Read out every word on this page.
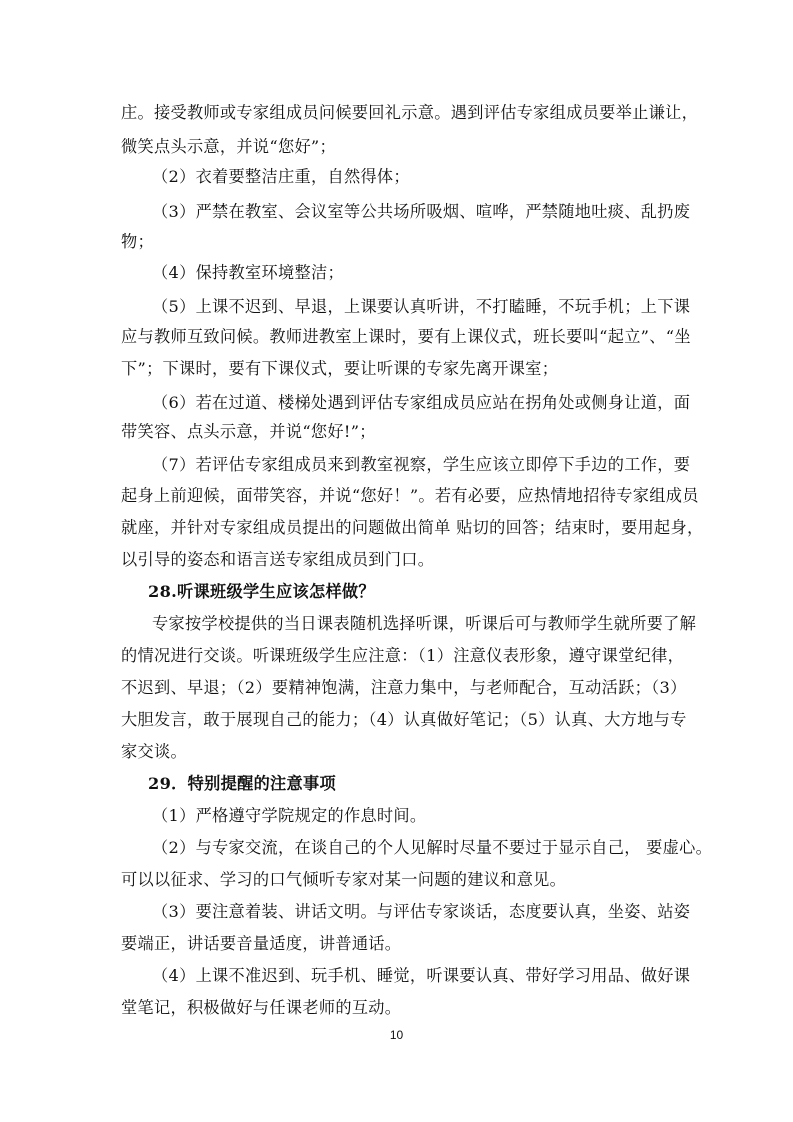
庄。接受教师或专家组成员问候要回礼示意。遇到评估专家组成员要举止谦让，
微笑点头示意，并说“您好”；
（2）衣着要整洁庄重，自然得体；
（3）严禁在教室、会议室等公共场所吸烟、喧哗，严禁随地吐痰、乱扔废
物；
（4）保持教室环境整洁；
（5）上课不迟到、早退，上课要认真听讲，不打瞌睡，不玩手机；上下课
应与教师互致问候。教师进教室上课时，要有上课仪式，班长要叫“起立”、“坐
下”；下课时，要有下课仪式，要让听课的专家先离开课室；
（6）若在过道、楼梯处遇到评估专家组成员应站在拐角处或侧身让道，面
带笑容、点头示意，并说“您好!”；
（7）若评估专家组成员来到教室视察，学生应该立即停下手边的工作，要
起身上前迎候，面带笑容，并说“您好！”。若有必要，应热情地招待专家组成员
就座，并针对专家组成员提出的问题做出简单 贴切的回答；结束时，要用起身，
以引导的姿态和语言送专家组成员到门口。
28.听课班级学生应该怎样做？
专家按学校提供的当日课表随机选择听课，听课后可与教师学生就所要了解
的情况进行交谈。听课班级学生应注意：（1）注意仪表形象，遵守课堂纪律，
不迟到、早退；（2）要精神饱满，注意力集中，与老师配合，互动活跃；（3）
大胆发言，敢于展现自己的能力；（4）认真做好笔记；（5）认真、大方地与专
家交谈。
29．特别提醒的注意事项
（1）严格遵守学院规定的作息时间。
（2）与专家交流，在谈自己的个人见解时尽量不要过于显示自己， 要虚心。
可以以征求、学习的口气倾听专家对某一问题的建议和意见。
（3）要注意着装、讲话文明。与评估专家谈话，态度要认真，坐姿、站姿
要端正，讲话要音量适度，讲普通话。
（4）上课不准迟到、玩手机、睡觉，听课要认真、带好学习用品、做好课
堂笔记，积极做好与任课老师的互动。
10
